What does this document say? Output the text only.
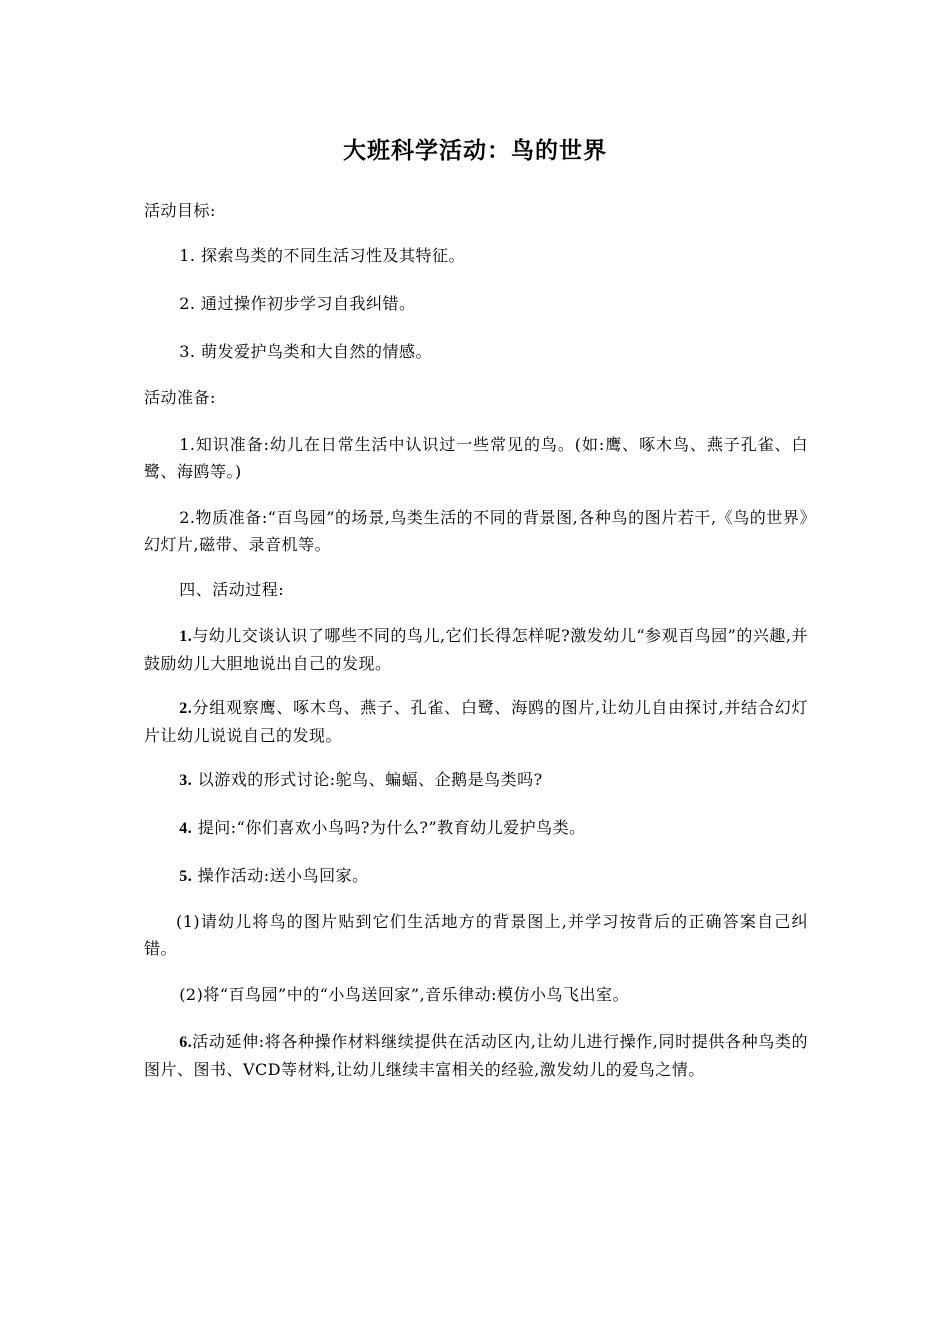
大班科学活动：鸟的世界
活动目标:
1. 探索鸟类的不同生活习性及其特征。
2. 通过操作初步学习自我纠错。
3. 萌发爱护鸟类和大自然的情感。
活动准备:
1.知识准备:幼儿在日常生活中认识过一些常见的鸟。(如:鹰、啄木鸟、燕子孔雀、白鹭、海鸥等。)
2.物质准备:“百鸟园”的场景,鸟类生活的不同的背景图,各种鸟的图片若干,《鸟的世界》幻灯片,磁带、录音机等。
四、活动过程:
1.与幼儿交谈认识了哪些不同的鸟儿,它们长得怎样呢?激发幼儿“参观百鸟园”的兴趣,并鼓励幼儿大胆地说出自己的发现。
2.分组观察鹰、啄木鸟、燕子、孔雀、白鹭、海鸥的图片,让幼儿自由探讨,并结合幻灯片让幼儿说说自己的发现。
3. 以游戏的形式讨论:鸵鸟、蝙蝠、企鹅是鸟类吗?
4. 提问:“你们喜欢小鸟吗?为什么?”教育幼儿爱护鸟类。
5. 操作活动:送小鸟回家。
(1)请幼儿将鸟的图片贴到它们生活地方的背景图上,并学习按背后的正确答案自己纠错。
(2)将“百鸟园”中的“小鸟送回家”,音乐律动:模仿小鸟飞出室。
6.活动延伸:将各种操作材料继续提供在活动区内,让幼儿进行操作,同时提供各种鸟类的图片、图书、VCD等材料,让幼儿继续丰富相关的经验,激发幼儿的爱鸟之情。
